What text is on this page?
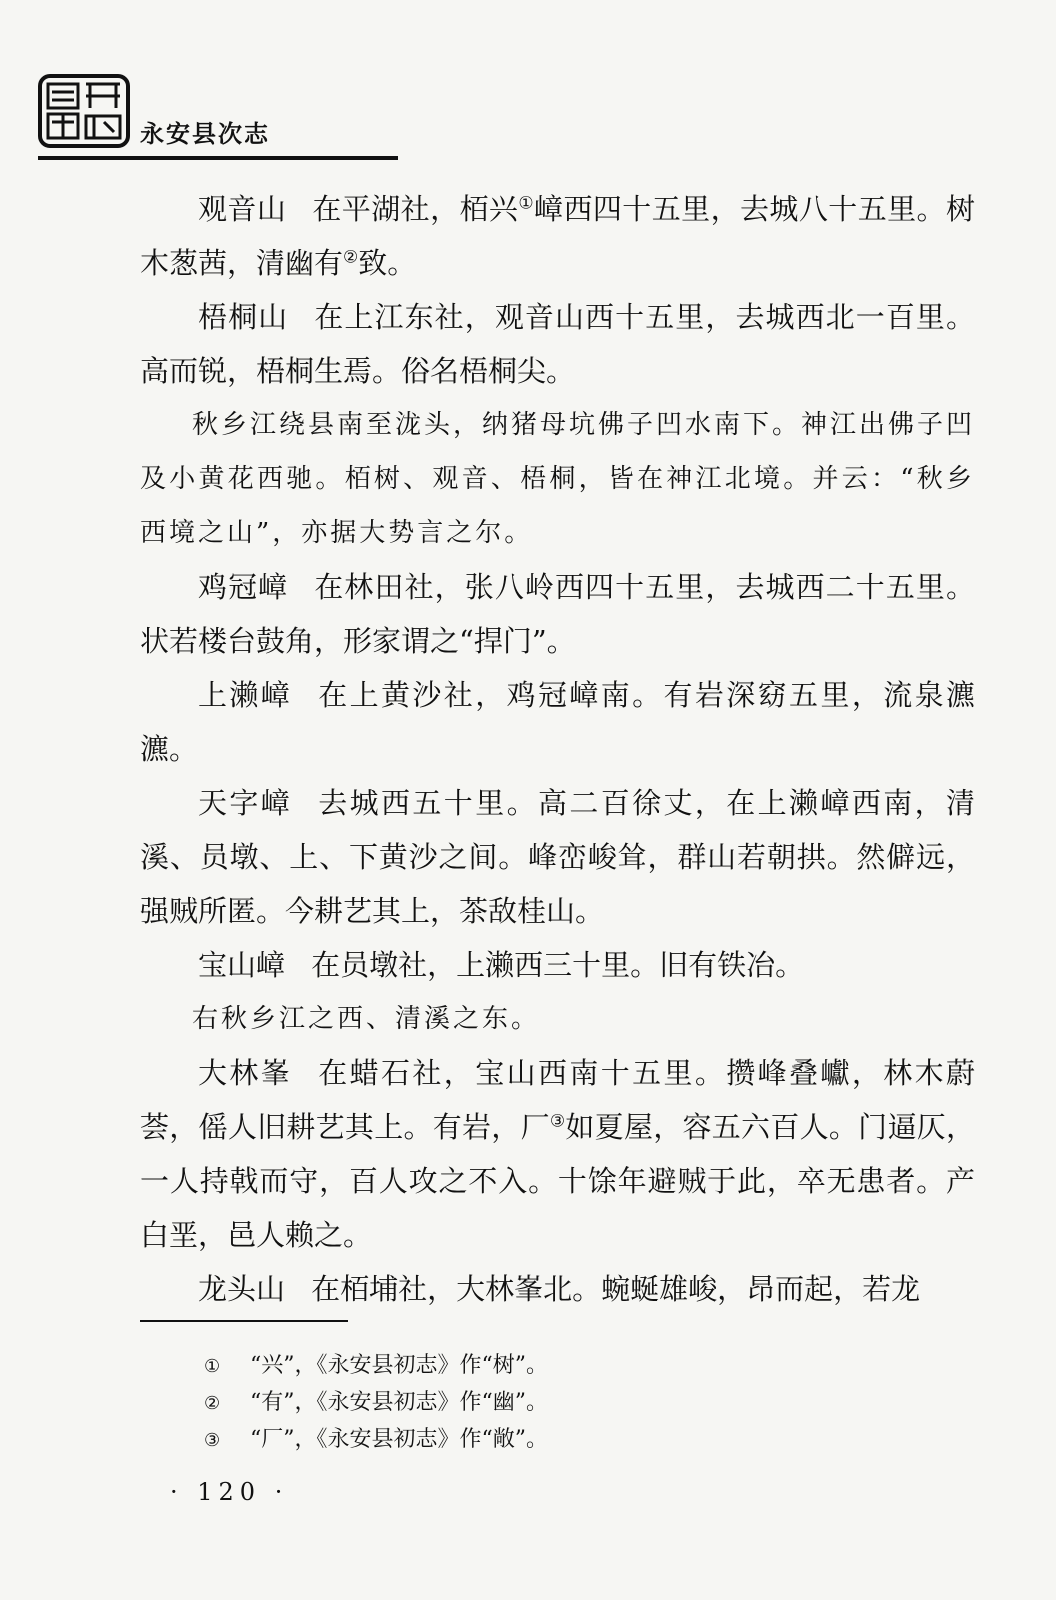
永安县次志

观音山 在平湖社，栢兴①嶂西四十五里，去城八十五里。树木葱茜，清幽有②致。

梧桐山 在上江东社，观音山西十五里，去城西北一百里。高而锐，梧桐生焉。俗名梧桐尖。

秋乡江绕县南至泷头，纳猪母坑佛子凹水南下。神江出佛子凹及小黄花西驰。栢树、观音、梧桐，皆在神江北境。并云：“秋乡西境之山”，亦据大势言之尔。

鸡冠嶂 在林田社，张八岭西四十五里，去城西二十五里。状若楼台鼓角，形家谓之“捍门”。

上濑嶂 在上黄沙社，鸡冠嶂南。有岩深窈五里，流泉瀌瀌。

天字嶂 去城西五十里。高二百徐丈，在上濑嶂西南，清溪、员墩、上、下黄沙之间。峰峦峻耸，群山若朝拱。然僻远，强贼所匿。今耕艺其上，茶敌桂山。

宝山嶂 在员墩社，上濑西三十里。旧有铁冶。

右秋乡江之西、清溪之东。

大林峯 在蜡石社，宝山西南十五里。攒峰叠巘，林木蔚荟，傜人旧耕艺其上。有岩，厂③如夏屋，容五六百人。门逼仄，一人持戟而守，百人攻之不入。十馀年避贼于此，卒无患者。产白垩，邑人赖之。

龙头山 在栢埔社，大林峯北。蜿蜒雄峻，昂而起，若龙

①	“兴”，《永安县初志》作“树”。
②	“有”，《永安县初志》作“幽”。
③	“厂”，《永安县初志》作“敞”。
· 120 ·
